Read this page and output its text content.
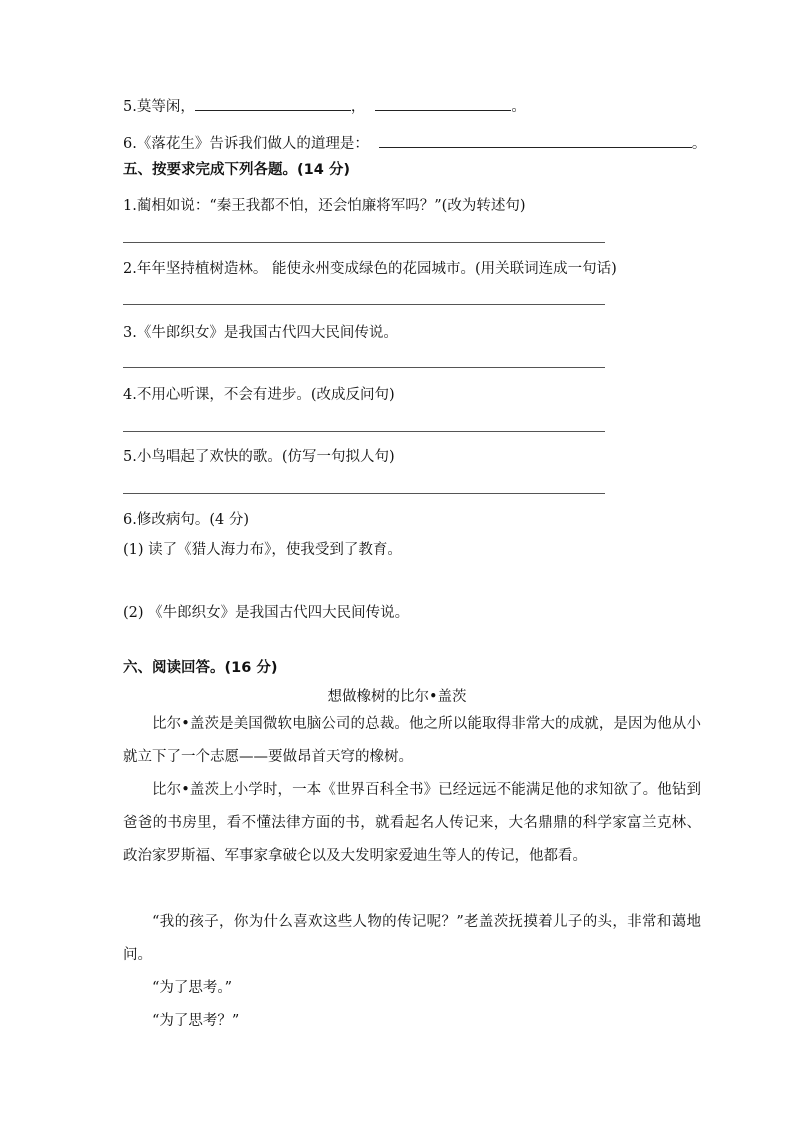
5.莫等闲，	，	。
6.《落花生》告诉我们做人的道理是：	。
五、按要求完成下列各题。(14 分)
1.蔺相如说：“秦王我都不怕，还会怕廉将军吗？”(改为转述句)
2.年年坚持植树造林。 能使永州变成绿色的花园城市。(用关联词连成一句话)
3.《牛郎织女》是我国古代四大民间传说。
4.不用心听课，不会有进步。(改成反问句)
5.小鸟唱起了欢快的歌。(仿写一句拟人句)
6.修改病句。(4 分)
(1) 读了《猎人海力布》，使我受到了教育。
(2) 《牛郎织女》是我国古代四大民间传说。
六、阅读回答。(16 分)
想做橡树的比尔•盖茨
比尔•盖茨是美国微软电脑公司的总裁。他之所以能取得非常大的成就，是因为他从小就立下了一个志愿——要做昂首天穹的橡树。
比尔•盖茨上小学时，一本《世界百科全书》已经远远不能满足他的求知欲了。他钻到爸爸的书房里，看不懂法律方面的书，就看起名人传记来，大名鼎鼎的科学家富兰克林、政治家罗斯福、军事家拿破仑以及大发明家爱迪生等人的传记，他都看。
“我的孩子，你为什么喜欢这些人物的传记呢？”老盖茨抚摸着儿子的头，非常和蔼地问。
“为了思考。”
“为了思考？”
